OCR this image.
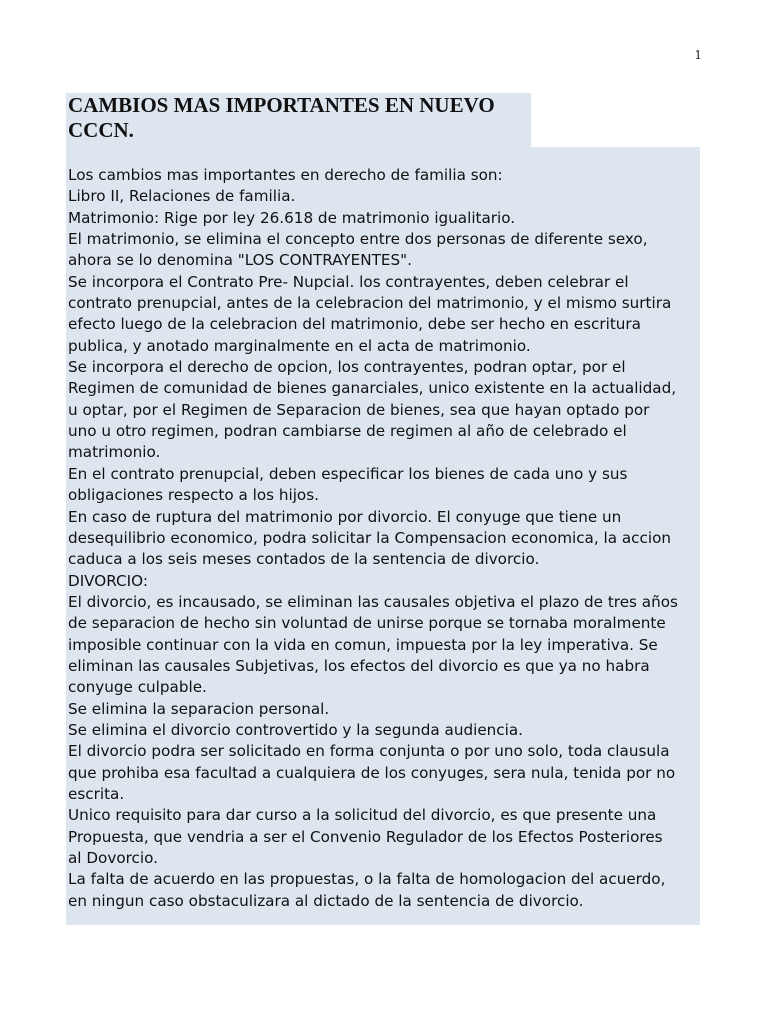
1
CAMBIOS MAS IMPORTANTES EN NUEVO
CCCN.
Los cambios mas importantes en derecho de familia son:
Libro II, Relaciones de familia.
Matrimonio: Rige por ley 26.618 de matrimonio igualitario.
El matrimonio, se elimina el concepto entre dos personas de diferente sexo,
ahora se lo denomina "LOS CONTRAYENTES".
Se incorpora el Contrato Pre- Nupcial. los contrayentes, deben celebrar el
contrato prenupcial, antes de la celebracion del matrimonio, y el mismo surtira
efecto luego de la celebracion del matrimonio, debe ser hecho en escritura
publica, y anotado marginalmente en el acta de matrimonio.
Se incorpora el derecho de opcion, los contrayentes, podran optar, por el
Regimen de comunidad de bienes ganarciales, unico existente en la actualidad,
u optar, por el Regimen de Separacion de bienes, sea que hayan optado por
uno u otro regimen, podran cambiarse de regimen al año de celebrado el
matrimonio.
En el contrato prenupcial, deben especificar los bienes de cada uno y sus
obligaciones respecto a los hijos.
En caso de ruptura del matrimonio por divorcio. El conyuge que tiene un
desequilibrio economico, podra solicitar la Compensacion economica, la accion
caduca a los seis meses contados de la sentencia de divorcio.
DIVORCIO:
El divorcio, es incausado, se eliminan las causales objetiva el plazo de tres años
de separacion de hecho sin voluntad de unirse porque se tornaba moralmente
imposible continuar con la vida en comun, impuesta por la ley imperativa. Se
eliminan las causales Subjetivas, los efectos del divorcio es que ya no habra
conyuge culpable.
Se elimina la separacion personal.
Se elimina el divorcio controvertido y la segunda audiencia.
El divorcio podra ser solicitado en forma conjunta o por uno solo, toda clausula
que prohiba esa facultad a cualquiera de los conyuges, sera nula, tenida por no
escrita.
Unico requisito para dar curso a la solicitud del divorcio, es que presente una
Propuesta, que vendria a ser el Convenio Regulador de los Efectos Posteriores
al Dovorcio.
La falta de acuerdo en las propuestas, o la falta de homologacion del acuerdo,
en ningun caso obstaculizara al dictado de la sentencia de divorcio.
